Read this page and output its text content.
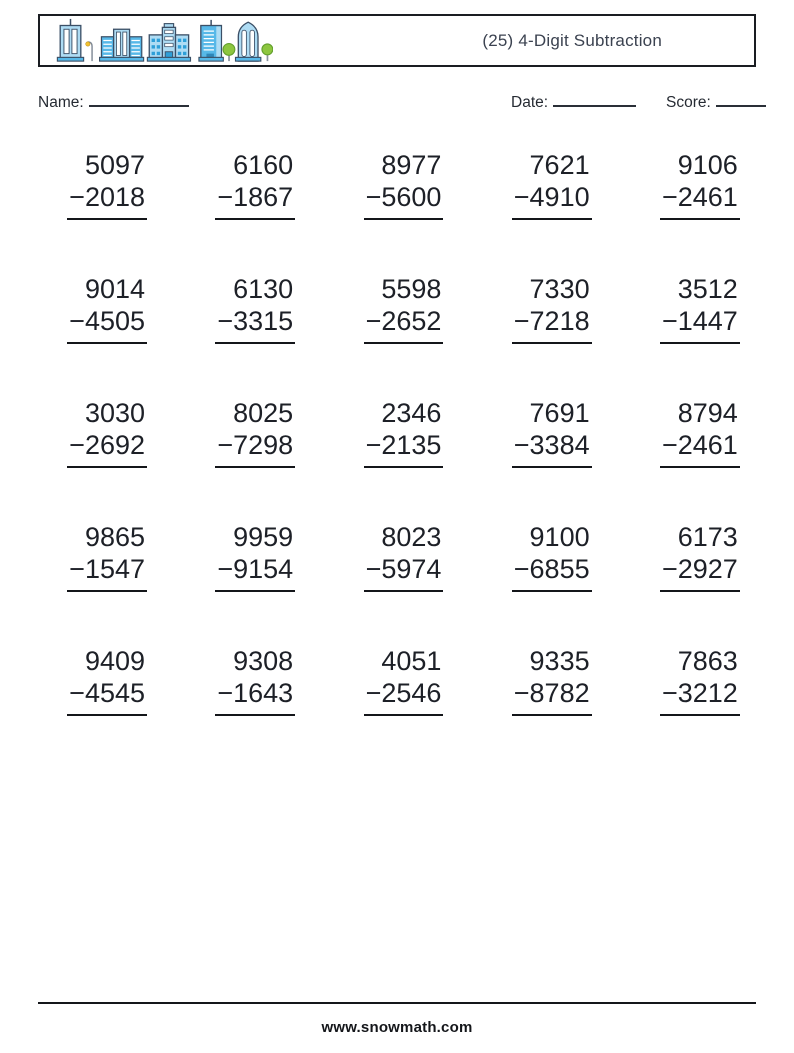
(25) 4-Digit Subtraction
Name:	Date:	Score:
5097
−2018
6160
−1867
8977
−5600
7621
−4910
9106
−2461
9014
−4505
6130
−3315
5598
−2652
7330
−7218
3512
−1447
3030
−2692
8025
−7298
2346
−2135
7691
−3384
8794
−2461
9865
−1547
9959
−9154
8023
−5974
9100
−6855
6173
−2927
9409
−4545
9308
−1643
4051
−2546
9335
−8782
7863
−3212
www.snowmath.com
